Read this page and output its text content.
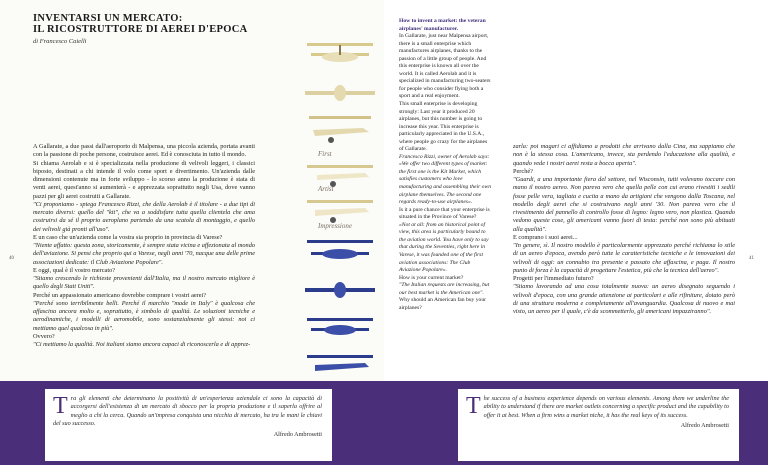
INVENTARSI UN MERCATO:
IL RICOSTRUTTORE DI AEREI D'EPOCA
di Francesco Caielli

A Gallarate, a due passi dall'aeroporto di Malpensa, una piccola azienda, portata avanti con la passione di poche persone, costruisce aerei. Ed è conosciuta in tutto il mondo.

Si chiama Aerolab e si è specializzata nella produzione di velivoli leggeri, i classici biposto, destinati a chi intende il volo come sport e divertimento. Un'azienda dalle dimensioni contenute ma in forte sviluppo - lo scorso anno la produzione è stata di venti aerei, quest'anno si aumenterà - e apprezzata soprattutto negli Usa, dove vanno pazzi per gli aerei costruiti a Gallarate.

"Ci proponiamo - spiega Francesco Rizzi, che della Aerolab è il titolare - a due tipi di mercato diversi: quello del "kit", che va a soddisfare tutta quella clientela che ama costruirsi da sé il proprio aeroplano partendo da una scatola di montaggio, e quello dei velivoli già pronti all'uso".

E un caso che un'azienda come la vostra sia proprio in provincia di Varese?

"Niente affatto: questa zona, storicamente, è sempre stata vicina e affezionata al mondo dell'aviazione. Si pensi che proprio qui a Varese, negli anni '70, nacque una delle prime associazioni dedicate: il Club Aviazione Popolare".

E oggi, qual è il vostro mercato?

"Stiamo crescendo le richieste provenienti dall'Italia, ma il nostro mercato migliore è quello degli Stati Uniti".

Perché un appassionato americano dovrebbe comprare i vostri aerei?

"Perché sono terribilmente belli. Perché il marchio "made in Italy" è qualcosa che affascina ancora molto e, soprattutto, è simbolo di qualità. Le soluzioni tecniche e aerodinamiche, i modelli di aeromobile, sono sostanzialmente gli stessi: noi ci mettiamo quel qualcosa in più".

Ovvero?

"Ci mettiamo la qualità. Noi italiani siamo ancora capaci di riconoscerla e di apprez-

First
Artist
Impressione

How to invent a market: the veteran airplanes' manufacturer.

In Gallarate, just near Malpensa airport, there is a small enterprise which manufactures airplanes, thanks to the passion of a little group of people. And this enterprise is known all over the world. It is called Aerolab and it is specialized in manufacturing two-seaters for people who consider flying both a sport and a real enjoyment.

This small enterprise is developing strongly: Last year it produced 20 airplanes, but this number is going to increase this year. This enterprise is particularly appreciated in the U.S.A., where people go crazy for the airplanes of Gallarate.

Francesco Rizzi, owner of Aerolab says: «We offer two different types of market: the first one is the Kit Market, which satisfies customers who love manufacturing and assembling their own airplane themselves. The second one regards ready-to-use airplanes».

Is it a pure chance that your enterprise is situated in the Province of Varese?

«Not at all: from an historical point of view, this area is particularly bound to the aviation world. You have only to say that during the Seventies, right here in Varese, it was founded one of the first aviation associations: The Club Aviazione Popolare».

How is your current market?

"The Italian requests are increasing, but our best market is the American one".

Why should an American fan buy your airplanes?

zarla: poi magari ci affidiamo a prodotti che arrivano dalla Cina, ma sappiamo che non è la stessa cosa. L'americano, invece, sta perdendo l'educazione alla qualità, e quando vede i nostri aerei resta a bocca aperta".

Perché?

"Guardi, a una importante fiera del settore, nel Wisconsin, tutti volevano toccare con mano il nostro aereo. Non pareva vero che quella pelle con cui erano rivestiti i sedili fosse pelle vera, tagliata e cucita a mano da artigiani che vengono dalla Toscana, nel modello degli aerei che si costruivano negli anni '30. Non pareva vero che il rivestimento del pannello di controllo fosse di legno: legno vero, non plastica. Quando vedono queste cose, gli americani vanno fuori di testa: perché non sono più abituati alla qualità".

E comprano i suoi aerei...

"In genere, sì. Il nostro modello è particolarmente apprezzato perché richiama lo stile di un aereo d'epoca, avendo però tutte le caratteristiche tecniche e le innovazioni dei velivoli di oggi: un connubio tra presente e passato che affascina, e paga. Il nostro punto di forza è la capacità di progettare l'estetica, più che la tecnica dell'aereo".

Progetti per l'immediato futuro?

"Stiamo lavorando ad una cosa totalmente nuova: un aereo disegnato seguendo i velivoli d'epoca, con una grande attenzione ai particolari e alle rifiniture, dotato però di una struttura moderna e completamente all'avanguardia. Qualcosa di nuovo e mai visto, un aereo per il quale, c'è da scommetterlo, gli americani impazziranno".

40	41
T ra gli elementi che determinano la positività di un'esperienza aziendale ci sono la capacità di accorgersi dell'esistenza di un mercato di sbocco per la propria produzione e il saperla offrire al meglio a chi la cerca. Quando un'impresa conquista una nicchia di mercato, ha tra le mani le chiavi del suo successo.
Alfredo Ambrosetti
T he success of a business experience depends on various elements. Among them we underline the ability to understand if there are market outlets concerning a specific product and the capability to offer it at best. When a firm wins a market niche, it has the real keys of its success.
Alfredo Ambrosetti
